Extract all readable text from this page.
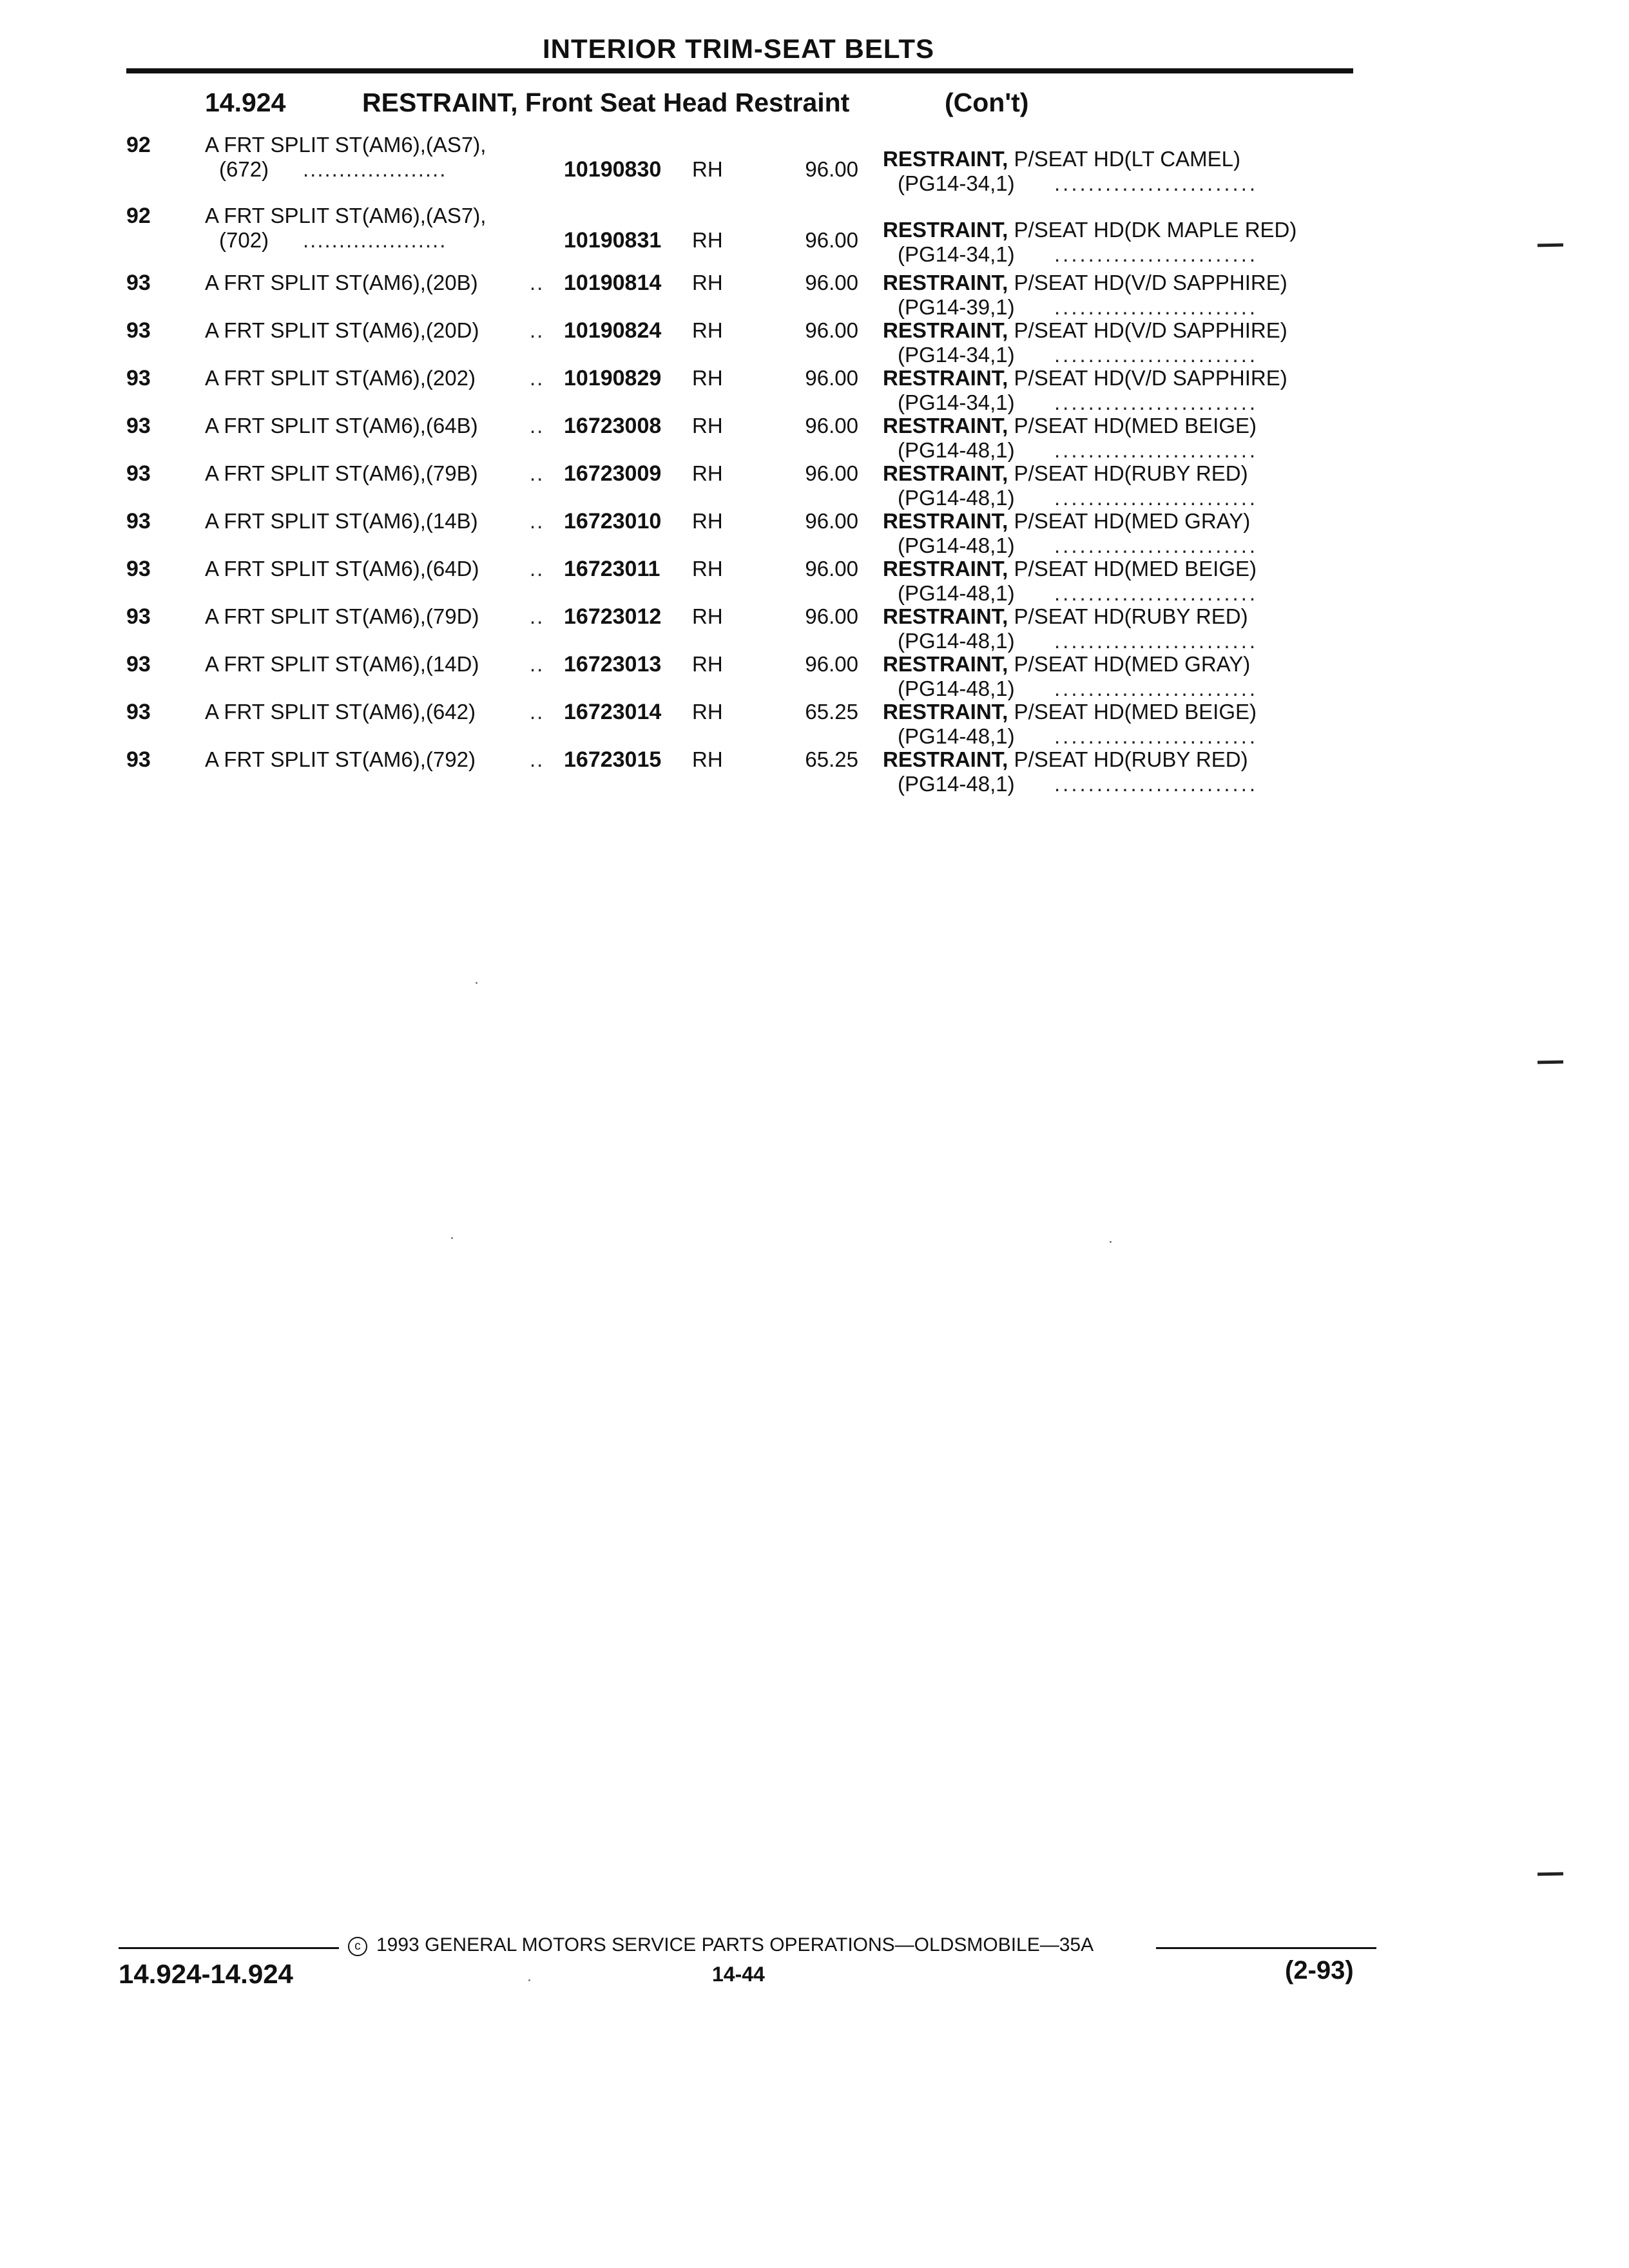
INTERIOR TRIM-SEAT BELTS
14.924	RESTRAINT, Front Seat Head Restraint	(Con't)
92	A FRT SPLIT ST(AM6),(AS7),
(672) ....................	10190830 RH	96.00 RESTRAINT, P/SEAT HD(LT CAMEL)
(PG14-34,1) ........................
92	A FRT SPLIT ST(AM6),(AS7),
(702) ....................	10190831 RH	96.00 RESTRAINT, P/SEAT HD(DK MAPLE RED)
(PG14-34,1) ........................
93	A FRT SPLIT ST(AM6),(20B) .. 10190814 RH	96.00 RESTRAINT, P/SEAT HD(V/D SAPPHIRE)
(PG14-39,1) ........................
93	A FRT SPLIT ST(AM6),(20D) .. 10190824 RH	96.00 RESTRAINT, P/SEAT HD(V/D SAPPHIRE)
(PG14-34,1) ........................
93	A FRT SPLIT ST(AM6),(202)	.. 10190829 RH	96.00 RESTRAINT, P/SEAT HD(V/D SAPPHIRE)
(PG14-34,1) ........................
93	A FRT SPLIT ST(AM6),(64B) .. 16723008 RH	96.00 RESTRAINT, P/SEAT HD(MED BEIGE)
(PG14-48,1) ........................
93	A FRT SPLIT ST(AM6),(79B) .. 16723009 RH	96.00 RESTRAINT, P/SEAT HD(RUBY RED)
(PG14-48,1) ........................
93	A FRT SPLIT ST(AM6),(14B) .. 16723010 RH	96.00 RESTRAINT, P/SEAT HD(MED GRAY)
(PG14-48,1) ........................
93	A FRT SPLIT ST(AM6),(64D) .. 16723011 RH	96.00 RESTRAINT, P/SEAT HD(MED BEIGE)
(PG14-48,1) ........................
93	A FRT SPLIT ST(AM6),(79D) .. 16723012 RH	96.00 RESTRAINT, P/SEAT HD(RUBY RED)
(PG14-48,1) ........................
93	A FRT SPLIT ST(AM6),(14D) .. 16723013 RH	96.00 RESTRAINT, P/SEAT HD(MED GRAY)
(PG14-48,1) ........................
93	A FRT SPLIT ST(AM6),(642)	.. 16723014 RH	65.25 RESTRAINT, P/SEAT HD(MED BEIGE)
(PG14-48,1) ........................
93	A FRT SPLIT ST(AM6),(792)	.. 16723015 RH	65.25 RESTRAINT, P/SEAT HD(RUBY RED)
(PG14-48,1) ........................
c 1993 GENERAL MOTORS SERVICE PARTS OPERATIONS—OLDSMOBILE—35A
14.924-14.924	14-44	(2-93)
